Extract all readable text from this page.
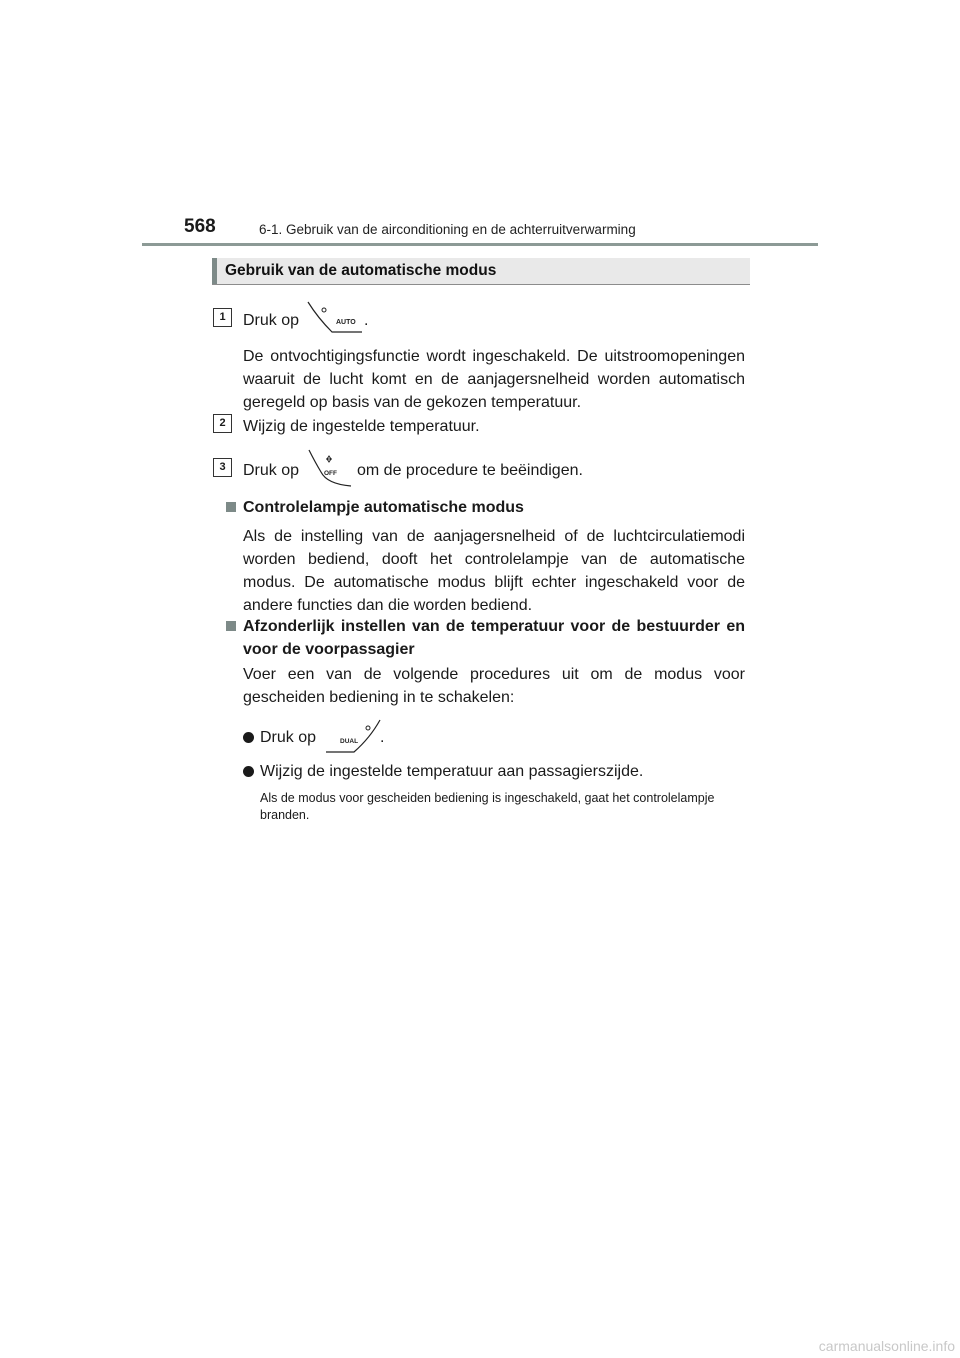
568	6-1. Gebruik van de airconditioning en de achterruitverwarming
Gebruik van de automatische modus
1	Druk op	AUTO .
De ontvochtigingsfunctie wordt ingeschakeld. De uitstroomopeningen waaruit de lucht komt en de aanjagersnelheid worden automatisch geregeld op basis van de gekozen temperatuur.
2	Wijzig de ingestelde temperatuur.
3	Druk op	OFF om de procedure te beëindigen.
Controlelampje automatische modus
Als de instelling van de aanjagersnelheid of de luchtcirculatiemodi worden bediend, dooft het controlelampje van de automatische modus. De automatische modus blijft echter ingeschakeld voor de andere functies dan die worden bediend.
Afzonderlijk instellen van de temperatuur voor de bestuurder en voor de voorpassagier
Voer een van de volgende procedures uit om de modus voor gescheiden bediening in te schakelen:
Druk op	DUAL .
Wijzig de ingestelde temperatuur aan passagierszijde.
Als de modus voor gescheiden bediening is ingeschakeld, gaat het controlelampje branden.
carmanualsonline.info
